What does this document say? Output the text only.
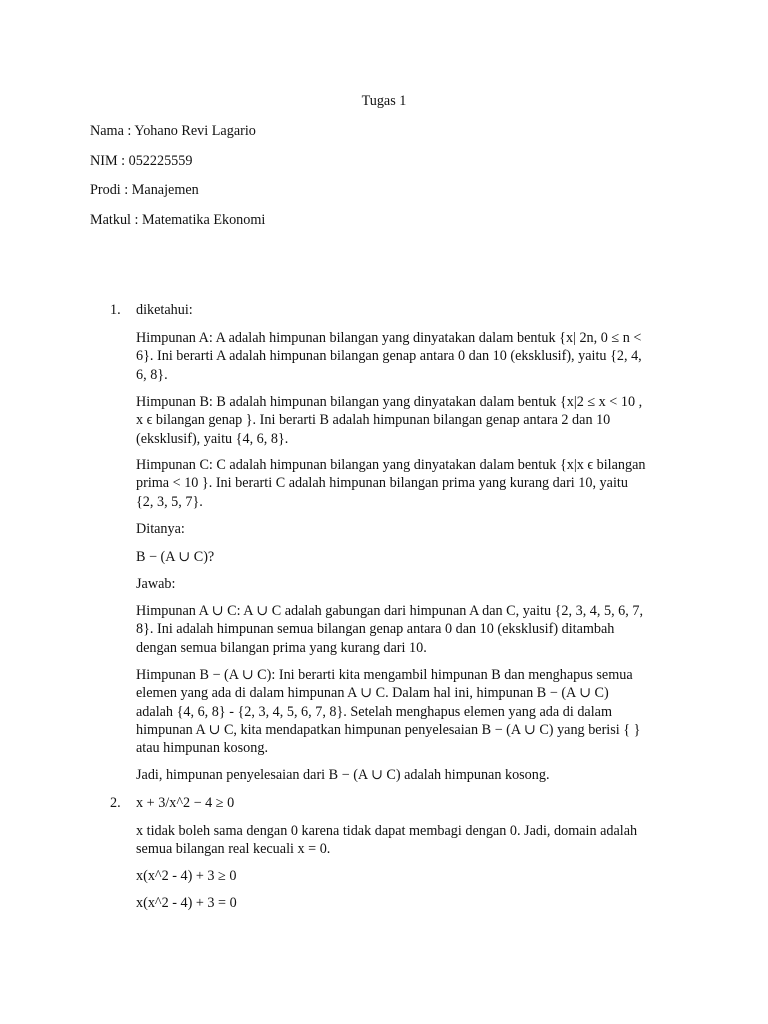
Tugas 1
Nama : Yohano Revi Lagario
NIM : 052225559
Prodi : Manajemen
Matkul : Matematika Ekonomi
1. diketahui:
Himpunan A: A adalah himpunan bilangan yang dinyatakan dalam bentuk {x| 2n, 0 ≤ n <
6}. Ini berarti A adalah himpunan bilangan genap antara 0 dan 10 (eksklusif), yaitu {2, 4,
6, 8}.
Himpunan B: B adalah himpunan bilangan yang dinyatakan dalam bentuk {x|2 ≤ x < 10 ,
x ϵ bilangan genap }. Ini berarti B adalah himpunan bilangan genap antara 2 dan 10
(eksklusif), yaitu {4, 6, 8}.
Himpunan C: C adalah himpunan bilangan yang dinyatakan dalam bentuk {x|x ϵ bilangan
prima < 10 }. Ini berarti C adalah himpunan bilangan prima yang kurang dari 10, yaitu
{2, 3, 5, 7}.
Ditanya:
B − (A ∪ C)?
Jawab:
Himpunan A ∪ C: A ∪ C adalah gabungan dari himpunan A dan C, yaitu {2, 3, 4, 5, 6, 7,
8}. Ini adalah himpunan semua bilangan genap antara 0 dan 10 (eksklusif) ditambah
dengan semua bilangan prima yang kurang dari 10.
Himpunan B − (A ∪ C): Ini berarti kita mengambil himpunan B dan menghapus semua
elemen yang ada di dalam himpunan A ∪ C. Dalam hal ini, himpunan B − (A ∪ C)
adalah {4, 6, 8} - {2, 3, 4, 5, 6, 7, 8}. Setelah menghapus elemen yang ada di dalam
himpunan A ∪ C, kita mendapatkan himpunan penyelesaian B − (A ∪ C) yang berisi { }
atau himpunan kosong.
Jadi, himpunan penyelesaian dari B − (A ∪ C) adalah himpunan kosong.
2. x + 3/x^2 − 4 ≥ 0
x tidak boleh sama dengan 0 karena tidak dapat membagi dengan 0. Jadi, domain adalah
semua bilangan real kecuali x = 0.
x(x^2 - 4) + 3 ≥ 0
x(x^2 - 4) + 3 = 0
